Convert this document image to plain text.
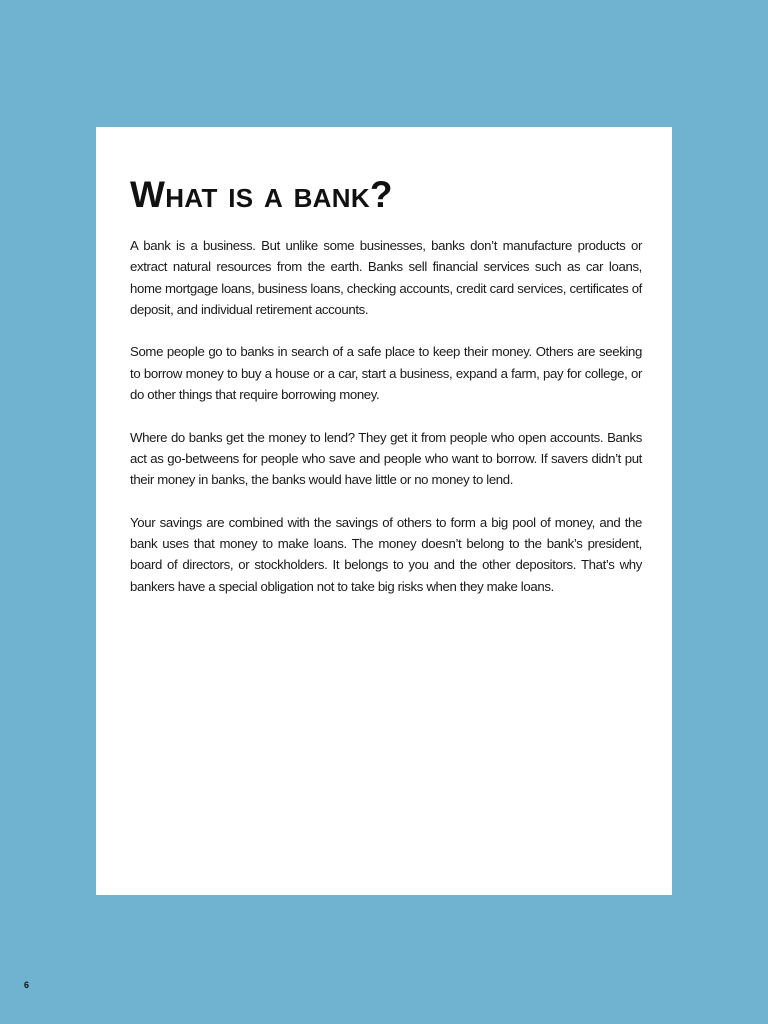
What is a bank?

A bank is a business. But unlike some businesses, banks don’t manufacture products or extract natural resources from the earth. Banks sell financial services such as car loans, home mortgage loans, business loans, checking accounts, credit card services, certificates of deposit, and individual retirement accounts.

Some people go to banks in search of a safe place to keep their money. Others are seeking to borrow money to buy a house or a car, start a business, expand a farm, pay for college, or do other things that require borrowing money.

Where do banks get the money to lend? They get it from people who open accounts. Banks act as go-betweens for people who save and people who want to borrow. If savers didn’t put their money in banks, the banks would have little or no money to lend.

Your savings are combined with the savings of others to form a big pool of money, and the bank uses that money to make loans. The money doesn’t belong to the bank’s president, board of directors, or stockholders. It belongs to you and the other depositors. That’s why bankers have a special obligation not to take big risks when they make loans.

6
